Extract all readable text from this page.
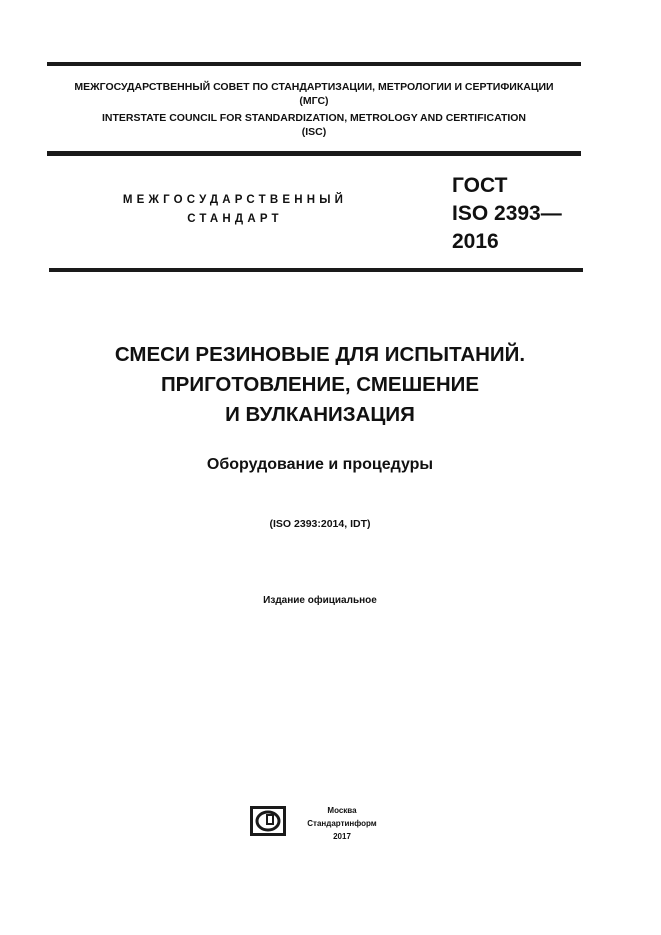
МЕЖГОСУДАРСТВЕННЫЙ СОВЕТ ПО СТАНДАРТИЗАЦИИ, МЕТРОЛОГИИ И СЕРТИФИКАЦИИ
(МГС)
INTERSTATE COUNCIL FOR STANDARDIZATION, METROLOGY AND CERTIFICATION
(ISC)
МЕЖГОСУДАРСТВЕННЫЙ
СТАНДАРТ
ГОСТ
ISO 2393—
2016
СМЕСИ РЕЗИНОВЫЕ ДЛЯ ИСПЫТАНИЙ.
ПРИГОТОВЛЕНИЕ, СМЕШЕНИЕ
И ВУЛКАНИЗАЦИЯ
Оборудование и процедуры
(ISO 2393:2014, IDT)
Издание официальное
Москва
Стандартинформ
2017
